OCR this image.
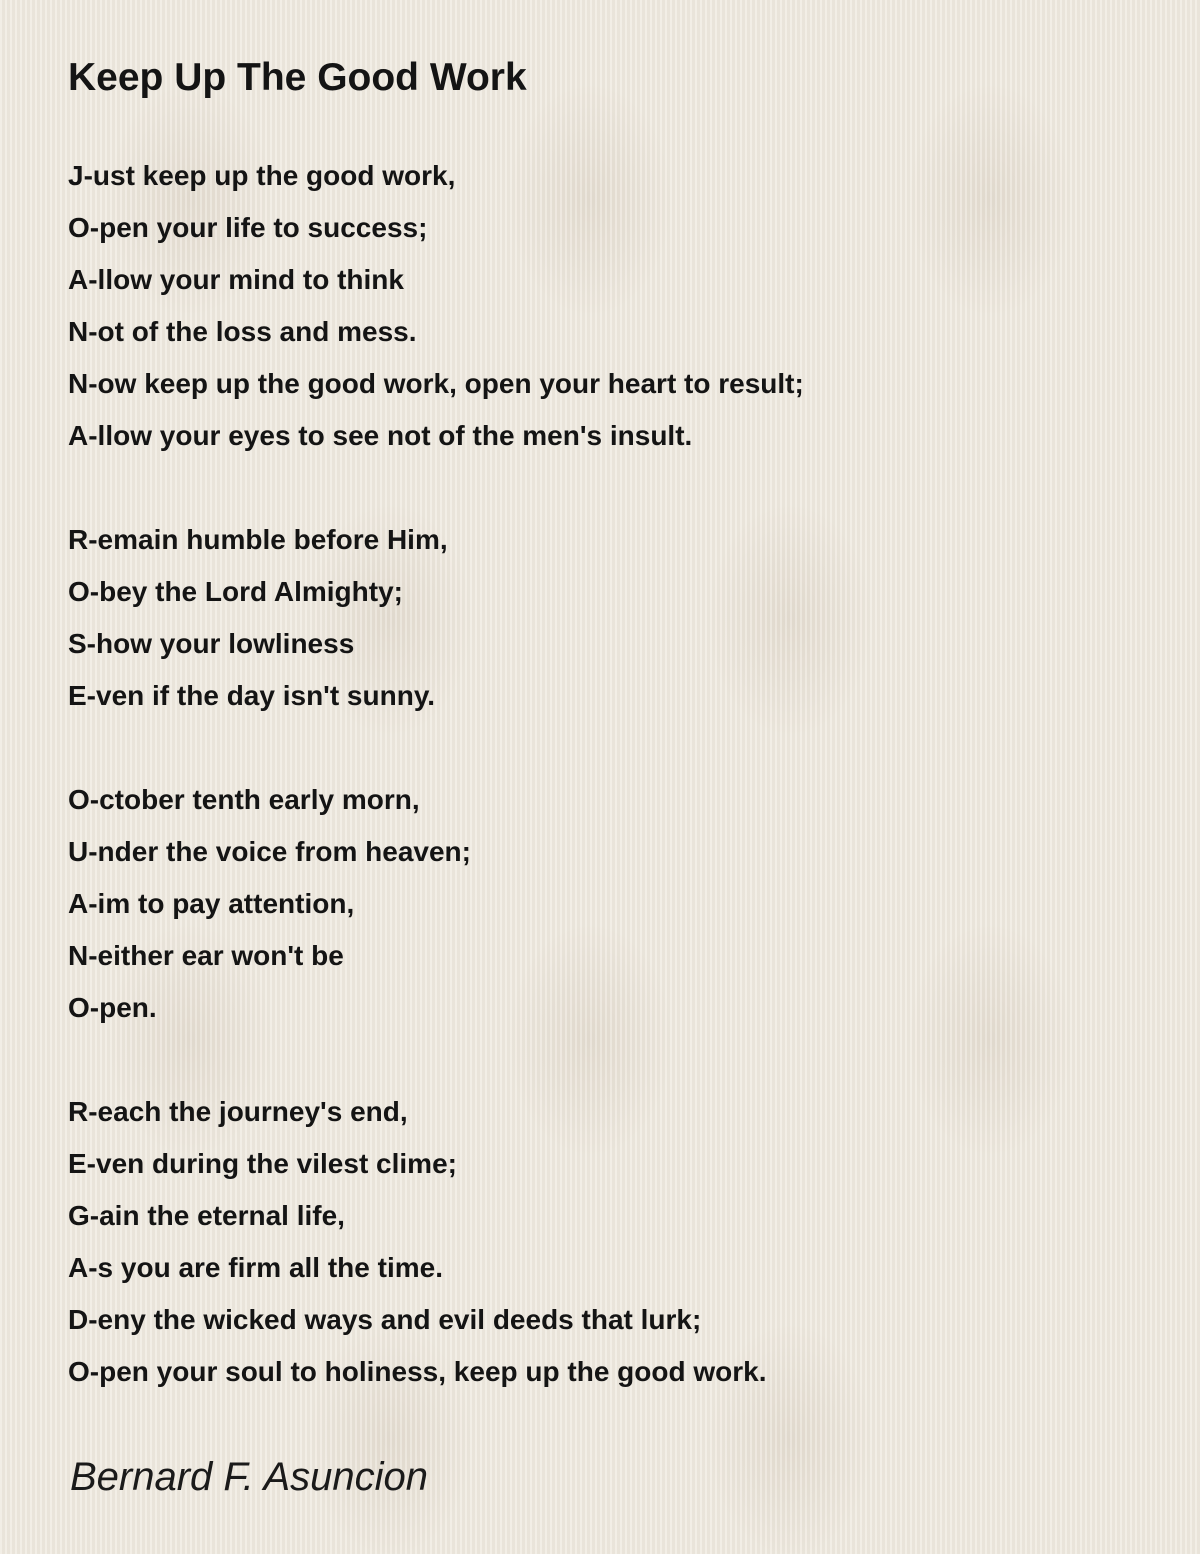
Keep Up The Good Work
J-ust keep up the good work,
O-pen your life to success;
A-llow your mind to think
N-ot of the loss and mess.
N-ow keep up the good work, open your heart to result;
A-llow your eyes to see not of the men's insult.
R-emain humble before Him,
O-bey the Lord Almighty;
S-how your lowliness
E-ven if the day isn't sunny.
O-ctober tenth early morn,
U-nder the voice from heaven;
A-im to pay attention,
N-either ear won't be
O-pen.
R-each the journey's end,
E-ven during the vilest clime;
G-ain the eternal life,
A-s you are firm all the time.
D-eny the wicked ways and evil deeds that lurk;
O-pen your soul to holiness, keep up the good work.
Bernard F. Asuncion
